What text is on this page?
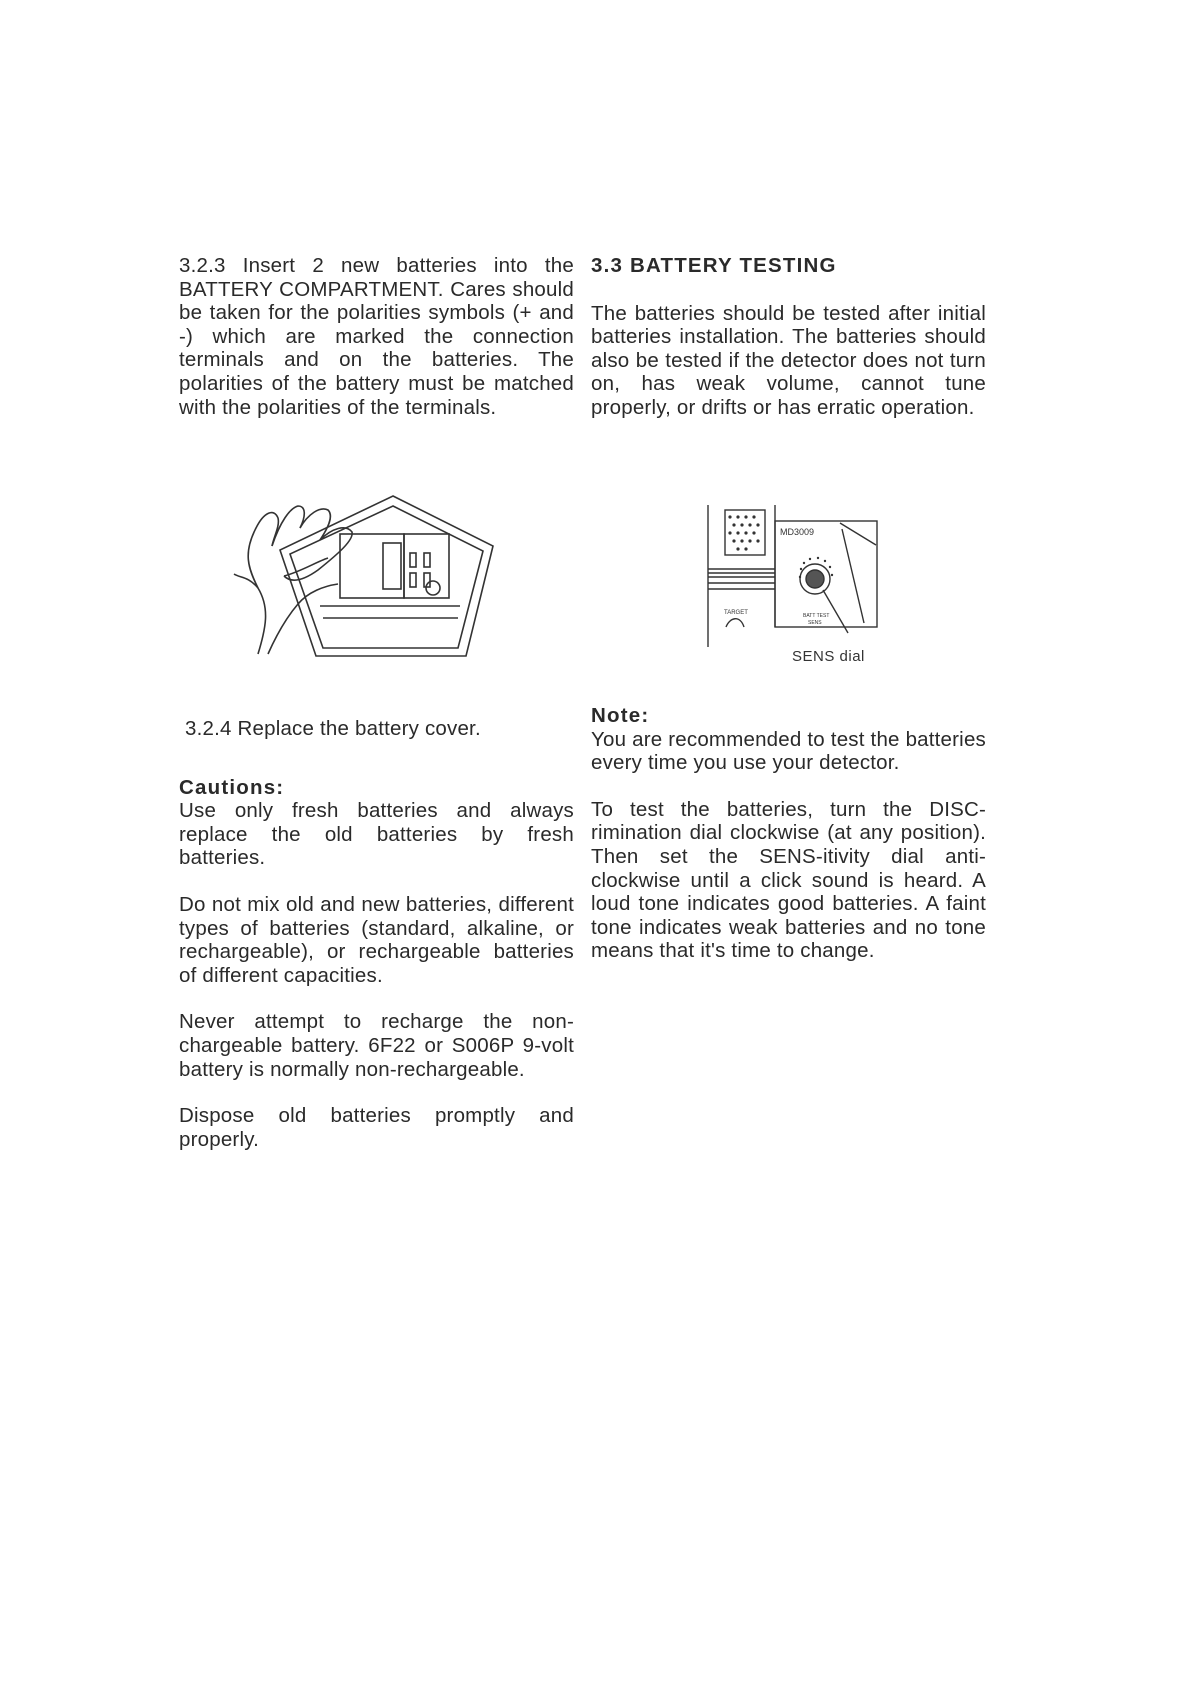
3.2.3 Insert 2 new batteries into the BATTERY COMPARTMENT. Cares should be taken for the polarities symbols (+ and -) which are marked the connection terminals and on the batteries. The polarities of the battery must be matched with the polarities of the terminals.

3.2.4 Replace the battery cover.

Cautions:

Use only fresh batteries and always replace the old batteries by fresh batteries.

Do not mix old and new batteries, different types of batteries (standard, alkaline, or rechargeable), or rechargeable batteries of different capacities.

Never attempt to recharge the non-chargeable battery. 6F22 or S006P 9-volt battery is normally non-rechargeable.

Dispose old batteries promptly and properly.

3.3 BATTERY TESTING

The batteries should be tested after initial batteries installation. The batteries should also be tested if the detector does not turn on, has weak volume, cannot tune properly, or drifts or has erratic operation.

MD3009
TARGET	BATT TEST
SENS
SENS dial

Note:

You are recommended to test the batteries every time you use your detector.

To test the batteries, turn the DISC-rimination dial clockwise (at any position). Then set the SENS-itivity dial anti-clockwise until a click sound is heard. A loud tone indicates good batteries. A faint tone indicates weak batteries and no tone means that it's time to change.
